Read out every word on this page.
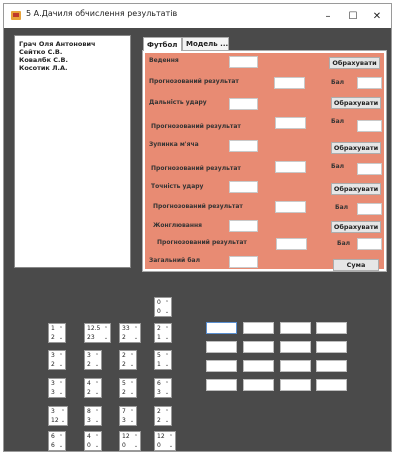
5 А.Дачиля обчислення результатів	–	☐	✕
Грач Оля Антонович
Сейтко С.В.
Ковалбк С.В.
Косотик Л.А.
Футбол	Модель ...
Ведення
Прогнозований результат
Дальність удару
Прогнозований результат
Зупинка м'яча
Прогнозований результат
Точність удару
Прогнозований результат
Жонглювання
Прогнозований результат
Загальний бал
Обрахувати
Обрахувати
Обрахувати
Обрахувати
Обрахувати
Сума
Бал
Бал
Бал
Бал
Бал
0
0
⌃
⌄
1
2
⌃
⌄
12.5
23
⌃
⌄
33
2
⌃
⌄
2
1
⌃
⌄
3
2
⌃
⌄
3
2
⌃
⌄
2
2
⌃
⌄
5
1
⌃
⌄
3
3
⌃
⌄
4
2
⌃
⌄
5
2
⌃
⌄
6
3
⌃
⌄
3
12
⌃
⌄
8
3
⌃
⌄
7
3
⌃
⌄
2
2
⌃
⌄
6
6
⌃
⌄
4
0
⌃
⌄
12
0
⌃
⌄
12
0
⌃
⌄
